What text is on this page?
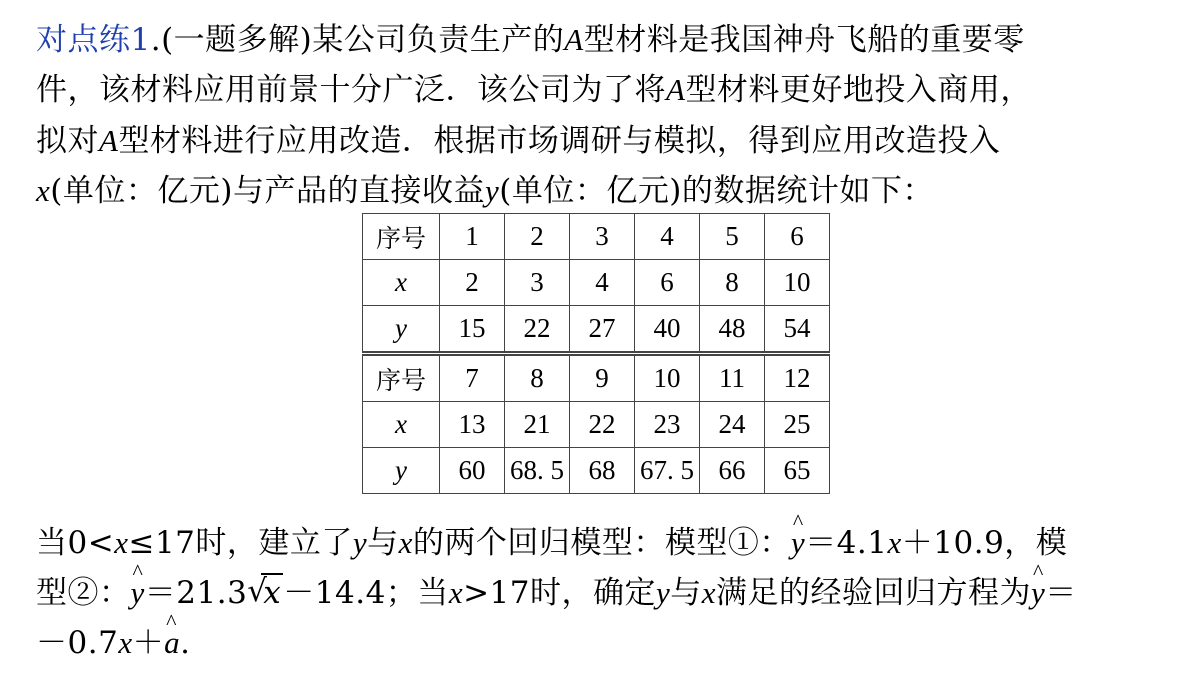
对点练1.(一题多解)某公司负责生产的A型材料是我国神舟飞船的重要零
件，该材料应用前景十分广泛．该公司为了将A型材料更好地投入商用，
拟对A型材料进行应用改造．根据市场调研与模拟，得到应用改造投入
x(单位：亿元)与产品的直接收益y(单位：亿元)的数据统计如下：
序号	1	2	3	4	5	6
x	2	3	4	6	8	10
y	15	22	27	40	48	54
序号	7	8	9	10	11	12
x	13	21	22	23	24	25
y	60	68. 5	68	67. 5	66	65
当0<x≤17时，建立了y与x的两个回归模型：模型①：^ y＝4.1x＋10.9，模
型②：^ y＝21.3 √
x－14.4；当x>17时，确定y与x满足的经验回归方程为^ y＝
－0.7x＋^ a.
